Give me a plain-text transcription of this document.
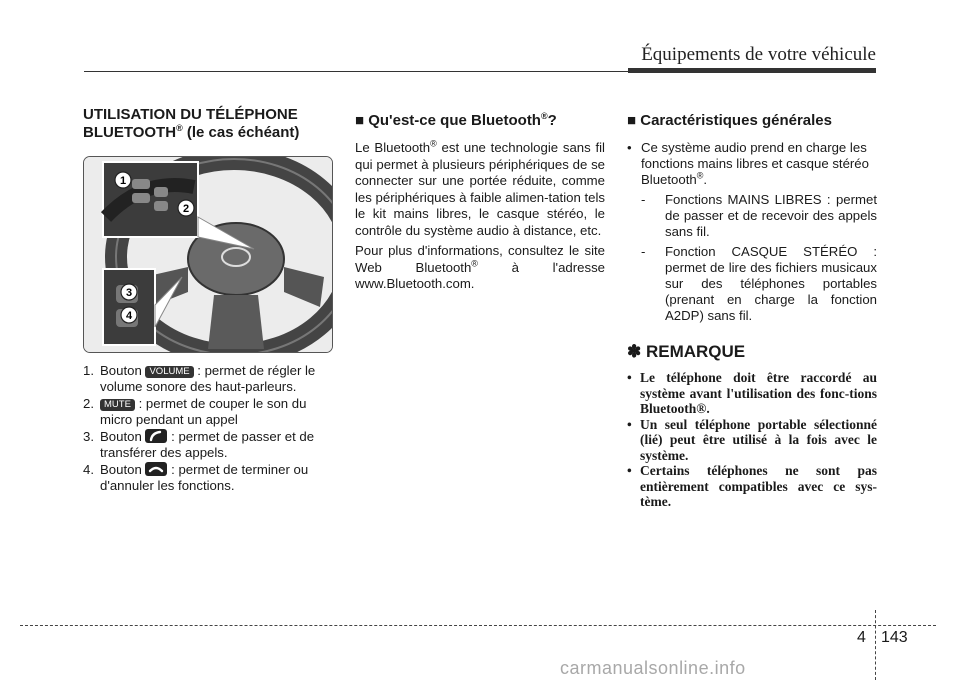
Équipements de votre véhicule
UTILISATION DU TÉLÉPHONE
BLUETOOTH® (le cas échéant)
1
2
3
4
1. Bouton VOLUME : permet de régler le volume sonore des haut-parleurs.
2. MUTE : permet de couper le son du micro pendant un appel
3. Bouton  : permet de passer et de transférer des appels.
4. Bouton  : permet de terminer ou d'annuler les fonctions.
■ Qu'est-ce que Bluetooth®?

Le Bluetooth® est une technologie sans fil qui permet à plusieurs périphériques de se connecter sur une portée réduite, comme les périphériques à faible alimen-tation tels le kit mains libres, le casque stéréo, le contrôle du système audio à distance, etc.

Pour plus d'informations, consultez le site Web Bluetooth® à l'adresse www.Bluetooth.com.

■ Caractéristiques générales
• Ce système audio prend en charge les fonctions mains libres et casque stéréo Bluetooth®.
- Fonctions MAINS LIBRES : permet de passer et de recevoir des appels sans fil.
- Fonction CASQUE STÉRÉO : permet de lire des fichiers musicaux sur des téléphones portables (prenant en charge la fonction A2DP) sans fil.
✽ REMARQUE
• Le téléphone doit être raccordé au système avant l'utilisation des fonc-tions Bluetooth®.
• Un seul téléphone portable sélectionné (lié) peut être utilisé à la fois avec le système.
• Certains téléphones ne sont pas entièrement compatibles avec ce sys-tème.
4 143
carmanualsonline.info
